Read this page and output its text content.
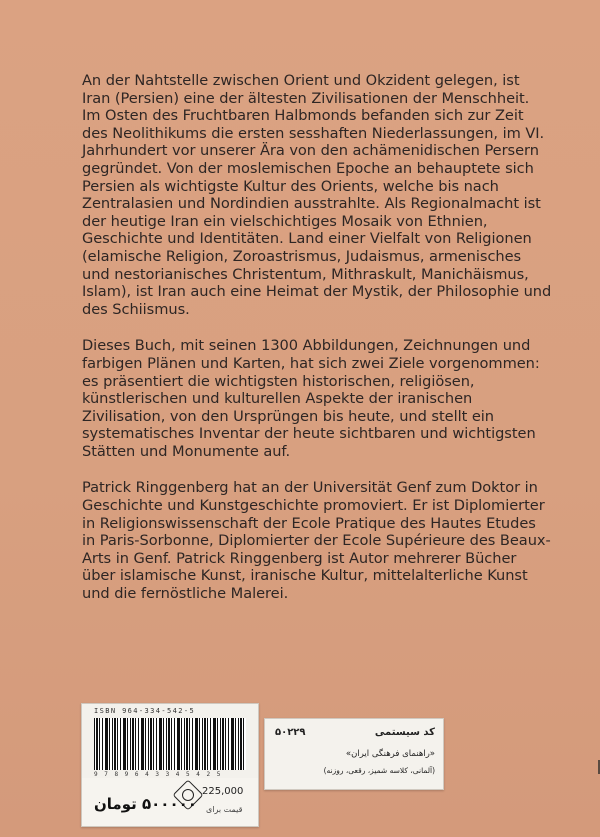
An der Nahtstelle zwischen Orient und Okzident gelegen, ist Iran (Persien) eine der ältesten Zivilisationen der Menschheit. Im Osten des Fruchtbaren Halbmonds befanden sich zur Zeit des Neolithikums die ersten sesshaften Niederlassungen, im VI. Jahrhundert vor unserer Ära von den achämenidischen Persern gegründet. Von der moslemischen Epoche an behauptete sich Persien als wichtigste Kultur des Orients, welche bis nach Zentralasien und Nordindien ausstrahlte. Als Regionalmacht ist der heutige Iran ein vielschichtiges Mosaik von Ethnien, Geschichte und Identitäten. Land einer Vielfalt von Religionen (elamische Religion, Zoroastrismus, Judaismus, armenisches und nestorianisches Christentum, Mithraskult, Manichäismus, Islam), ist Iran auch eine Heimat der Mystik, der Philosophie und des Schiismus.

Dieses Buch, mit seinen 1300 Abbildungen, Zeichnungen und farbigen Plänen und Karten, hat sich zwei Ziele vorgenommen: es präsentiert die wichtigsten historischen, religiösen, künstlerischen und kulturellen Aspekte der iranischen Zivilisation, von den Ursprüngen bis heute, und stellt ein systematisches Inventar der heute sichtbaren und wichtigsten Stätten und Monumente auf.

Patrick Ringgenberg hat an der Universität Genf zum Doktor in Geschichte und Kunstgeschichte promoviert. Er ist Diplomierter in Religionswissenschaft der Ecole Pratique des Hautes Etudes in Paris-Sorbonne, Diplomierter der Ecole Supérieure des Beaux-Arts in Genf. Patrick Ringgenberg ist Autor mehrerer Bücher über islamische Kunst, iranische Kultur, mittelalterliche Kunst und die fernöstliche Malerei.

ISBN 964-334-542-5
9 7 8 9 6 4 3 3 4 5 4 2 5
۵۰۰۰۰۰ تومان
225,000
قیمت برای
کد سیستمی
۵۰۲۲۹
«راهنمای فرهنگی ایران»
(آلمانی، کلاسه شمیز، رقعی، روزنه)
